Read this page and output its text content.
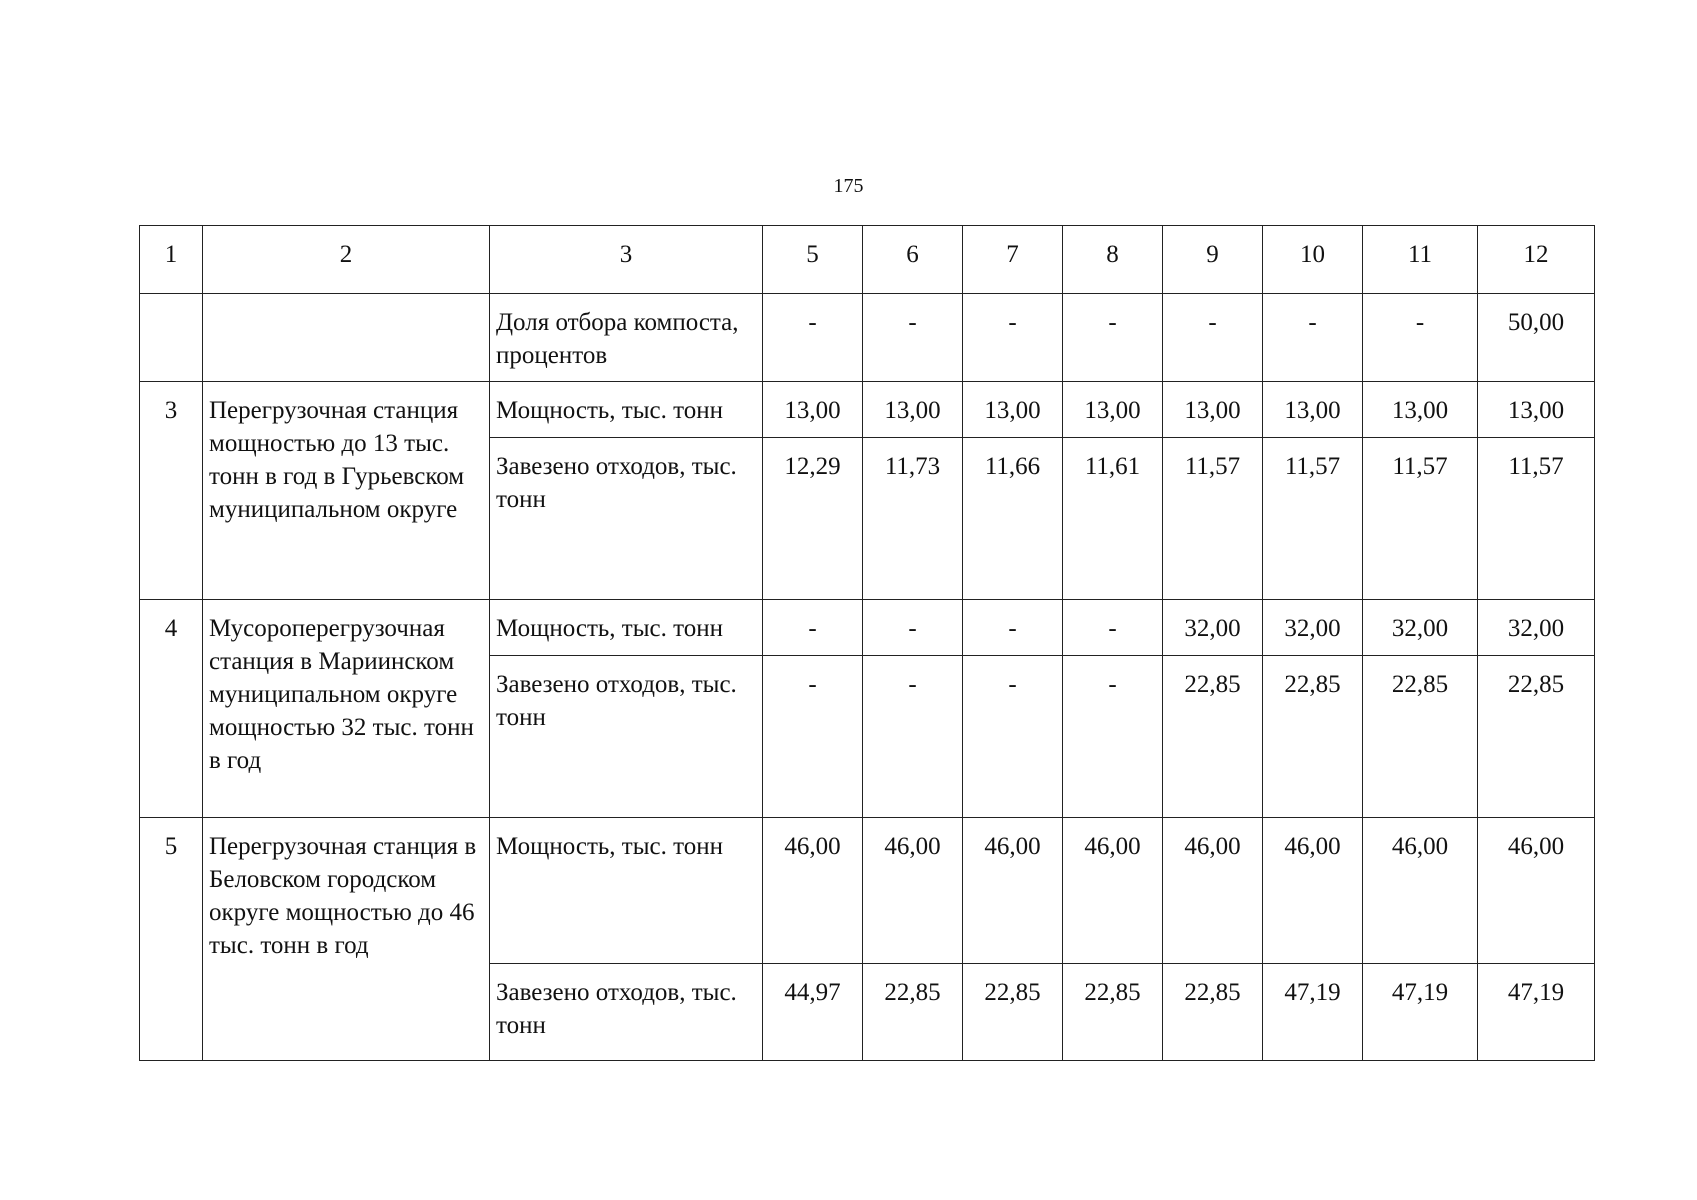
175
1	2	3	5	6	7	8	9	10	11	12
		Доля отбора компоста, процентов	-	-	-	-	-	-	-	50,00
3	Перегрузочная станция мощностью до 13 тыс. тонн в год в Гурьевском муниципальном округе	Мощность, тыс. тонн	13,00	13,00	13,00	13,00	13,00	13,00	13,00	13,00
		Завезено отходов, тыс. тонн	12,29	11,73	11,66	11,61	11,57	11,57	11,57	11,57
4	Мусороперегрузочная станция в Мариинском муниципальном округе мощностью 32 тыс. тонн в год	Мощность, тыс. тонн	-	-	-	-	32,00	32,00	32,00	32,00
		Завезено отходов, тыс. тонн	-	-	-	-	22,85	22,85	22,85	22,85
5	Перегрузочная станция в Беловском городском округе мощностью до 46 тыс. тонн в год	Мощность, тыс. тонн	46,00	46,00	46,00	46,00	46,00	46,00	46,00	46,00
		Завезено отходов, тыс. тонн	44,97	22,85	22,85	22,85	22,85	47,19	47,19	47,19
